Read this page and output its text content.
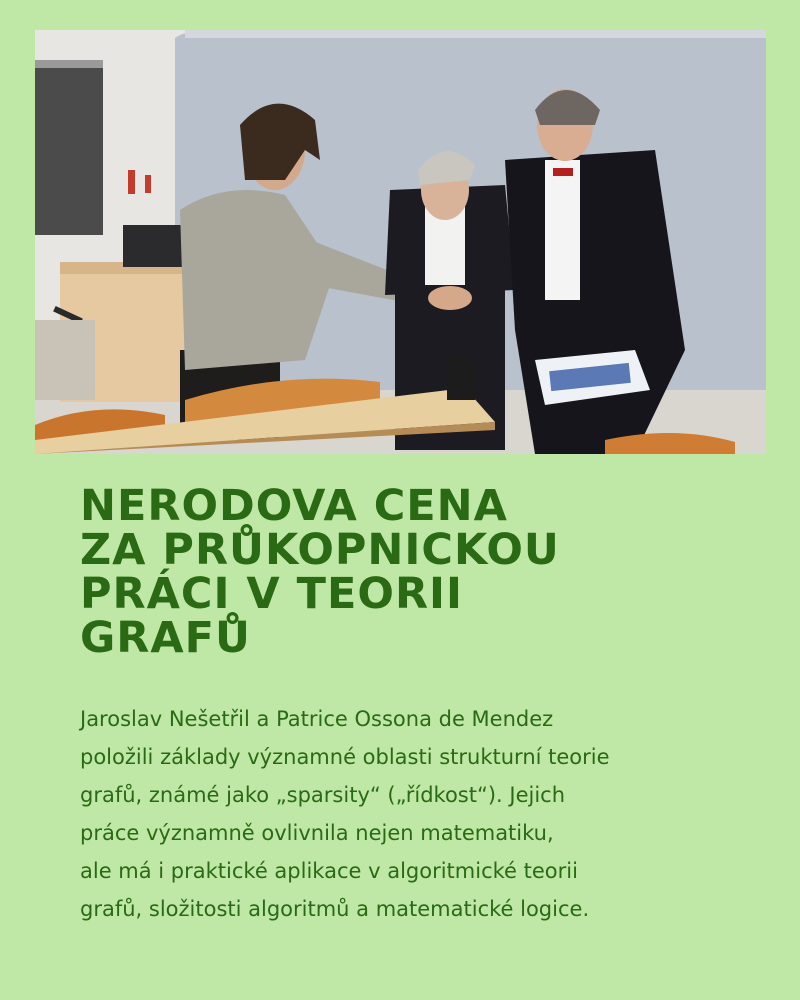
NERODOVA CENA
ZA PRŮKOPNICKOU
PRÁCI V TEORII
GRAFŮ

Jaroslav Nešetřil a Patrice Ossona de Mendez
položili základy významné oblasti strukturní teorie
grafů, známé jako „sparsity“ („řídkost“). Jejich
práce významně ovlivnila nejen matematiku,
ale má i praktické aplikace v algoritmické teorii
grafů, složitosti algoritmů a matematické logice.
